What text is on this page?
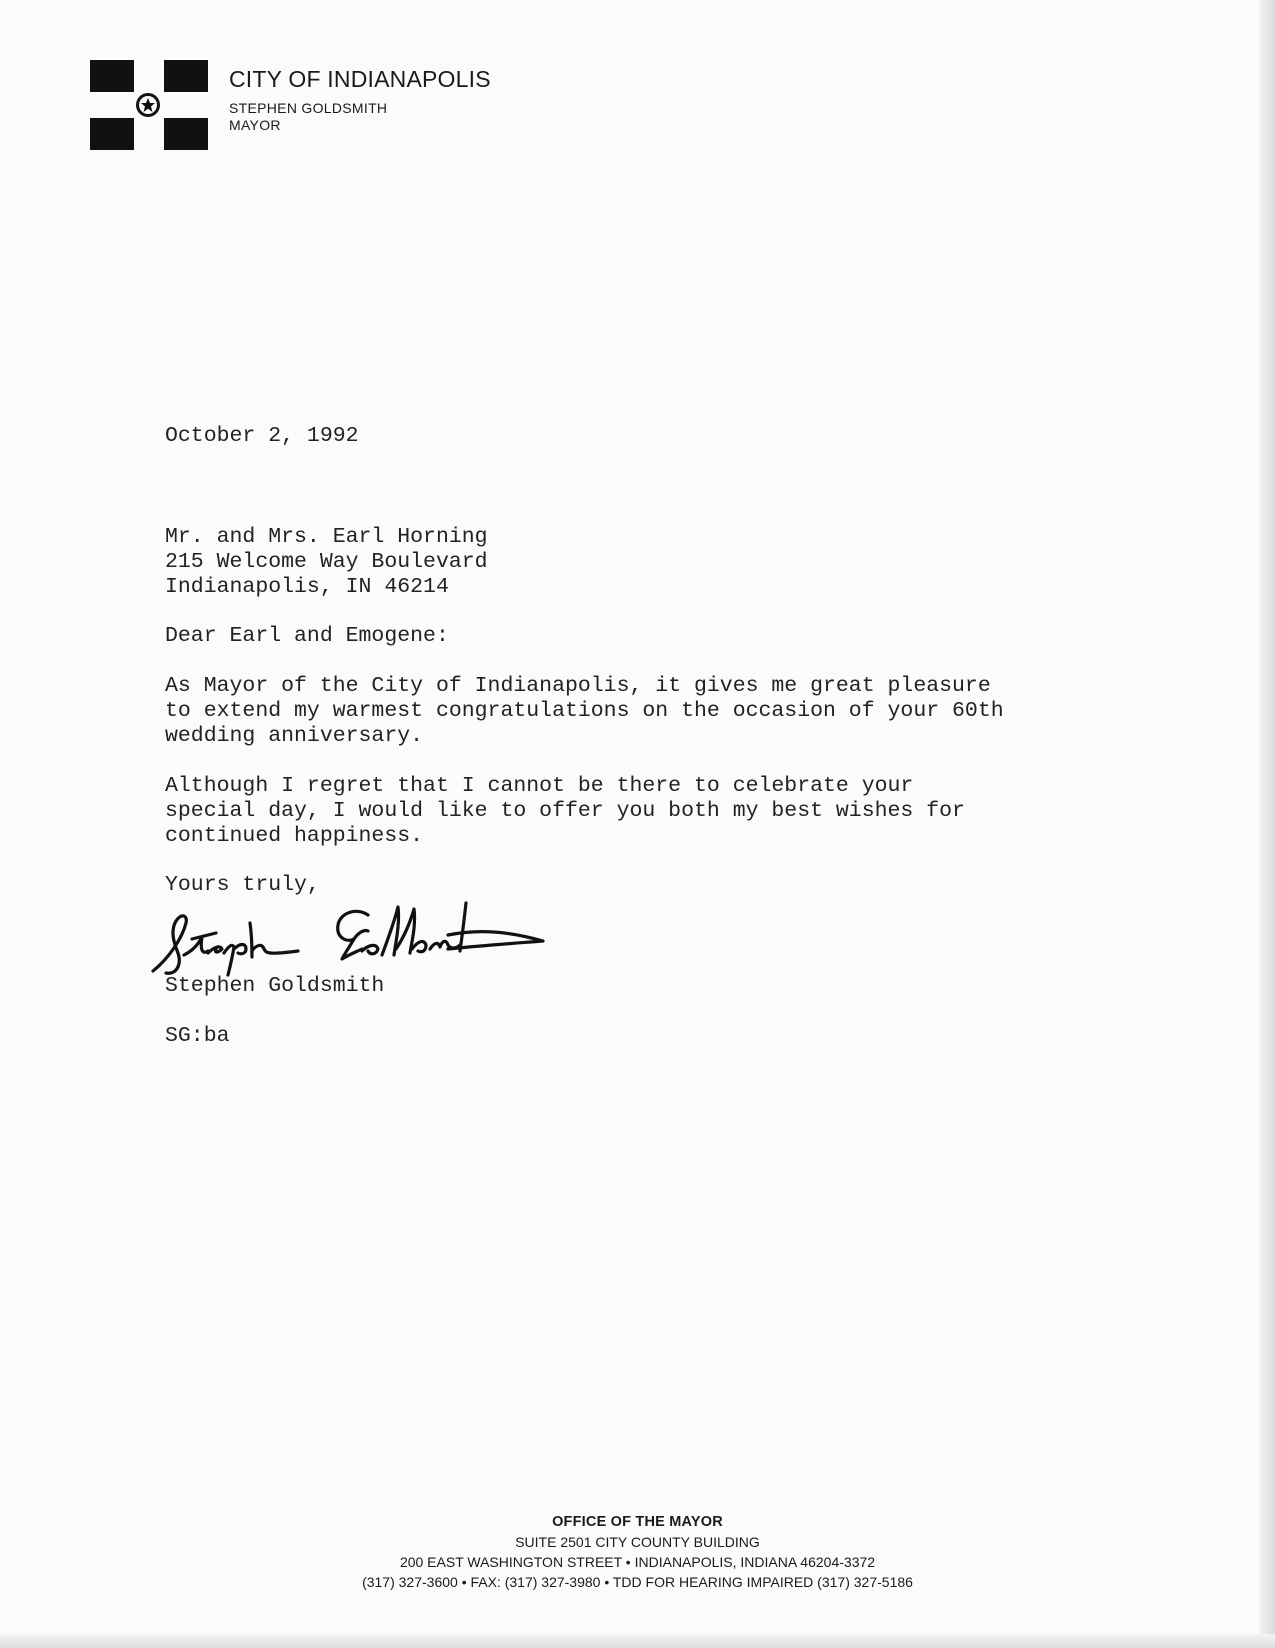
CITY OF INDIANAPOLIS
STEPHEN GOLDSMITH
MAYOR
October 2, 1992
Mr. and Mrs. Earl Horning
215 Welcome Way Boulevard
Indianapolis, IN 46214
Dear Earl and Emogene:
As Mayor of the City of Indianapolis, it gives me great pleasure
to extend my warmest congratulations on the occasion of your 60th
wedding anniversary.
Although I regret that I cannot be there to celebrate your
special day, I would like to offer you both my best wishes for
continued happiness.
Yours truly,
Stephen Goldsmith
SG:ba
OFFICE OF THE MAYOR
SUITE 2501 CITY COUNTY BUILDING
200 EAST WASHINGTON STREET • INDIANAPOLIS, INDIANA 46204-3372
(317) 327-3600 • FAX: (317) 327-3980 • TDD FOR HEARING IMPAIRED (317) 327-5186
